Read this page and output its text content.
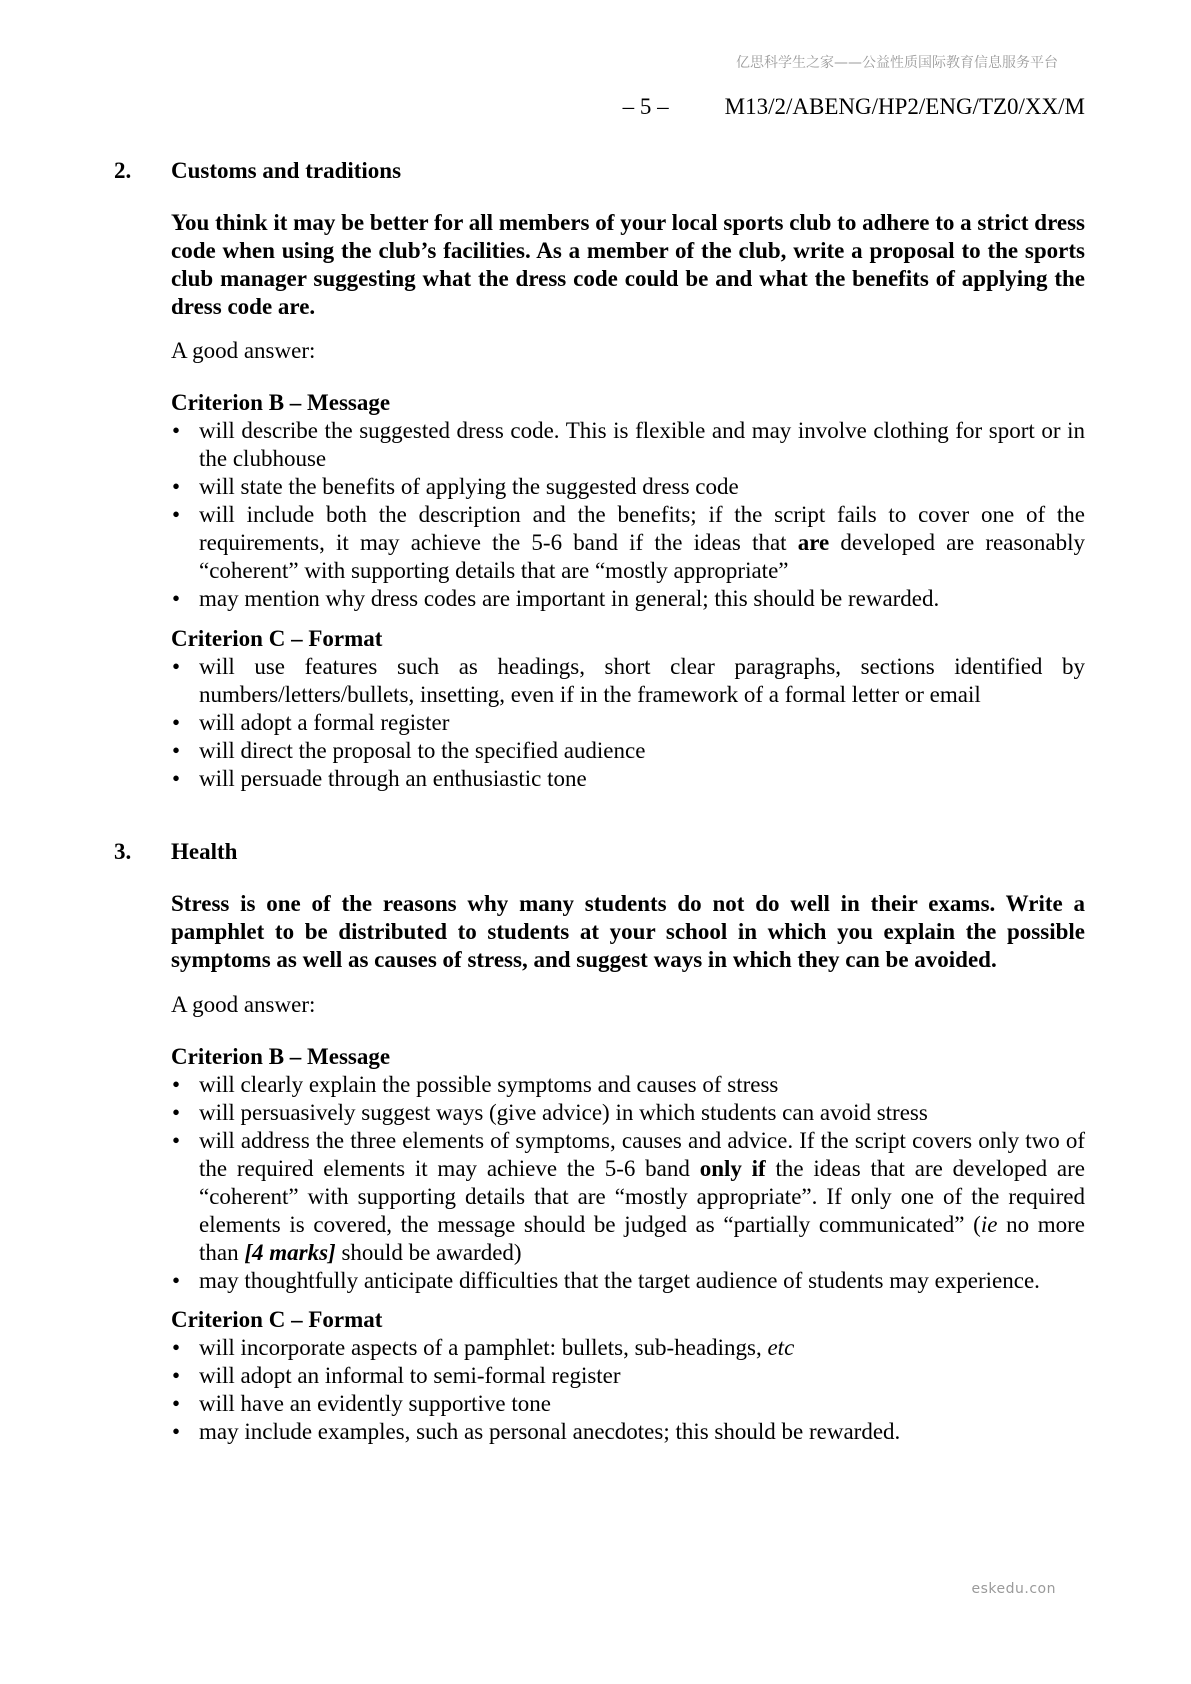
亿思科学生之家——公益性质国际教育信息服务平台
– 5 – M13/2/ABENG/HP2/ENG/TZ0/XX/M
2. Customs and traditions
You think it may be better for all members of your local sports club to adhere to a strict dress code when using the club’s facilities. As a member of the club, write a proposal to the sports club manager suggesting what the dress code could be and what the benefits of applying the dress code are.
A good answer:
Criterion B – Message
• will describe the suggested dress code. This is flexible and may involve clothing for sport or in the clubhouse
• will state the benefits of applying the suggested dress code
• will include both the description and the benefits; if the script fails to cover one of the requirements, it may achieve the 5-6 band if the ideas that are developed are reasonably “coherent” with supporting details that are “mostly appropriate”
• may mention why dress codes are important in general; this should be rewarded.
Criterion C – Format
• will use features such as headings, short clear paragraphs, sections identified by numbers/letters/bullets, insetting, even if in the framework of a formal letter or email
• will adopt a formal register
• will direct the proposal to the specified audience
• will persuade through an enthusiastic tone
3. Health
Stress is one of the reasons why many students do not do well in their exams. Write a pamphlet to be distributed to students at your school in which you explain the possible symptoms as well as causes of stress, and suggest ways in which they can be avoided.
A good answer:
Criterion B – Message
• will clearly explain the possible symptoms and causes of stress
• will persuasively suggest ways (give advice) in which students can avoid stress
• will address the three elements of symptoms, causes and advice. If the script covers only two of the required elements it may achieve the 5-6 band only if the ideas that are developed are “coherent” with supporting details that are “mostly appropriate”. If only one of the required elements is covered, the message should be judged as “partially communicated” (ie no more than [4 marks] should be awarded)
• may thoughtfully anticipate difficulties that the target audience of students may experience.
Criterion C – Format
• will incorporate aspects of a pamphlet: bullets, sub-headings, etc
• will adopt an informal to semi-formal register
• will have an evidently supportive tone
• may include examples, such as personal anecdotes; this should be rewarded.
eskedu.con
